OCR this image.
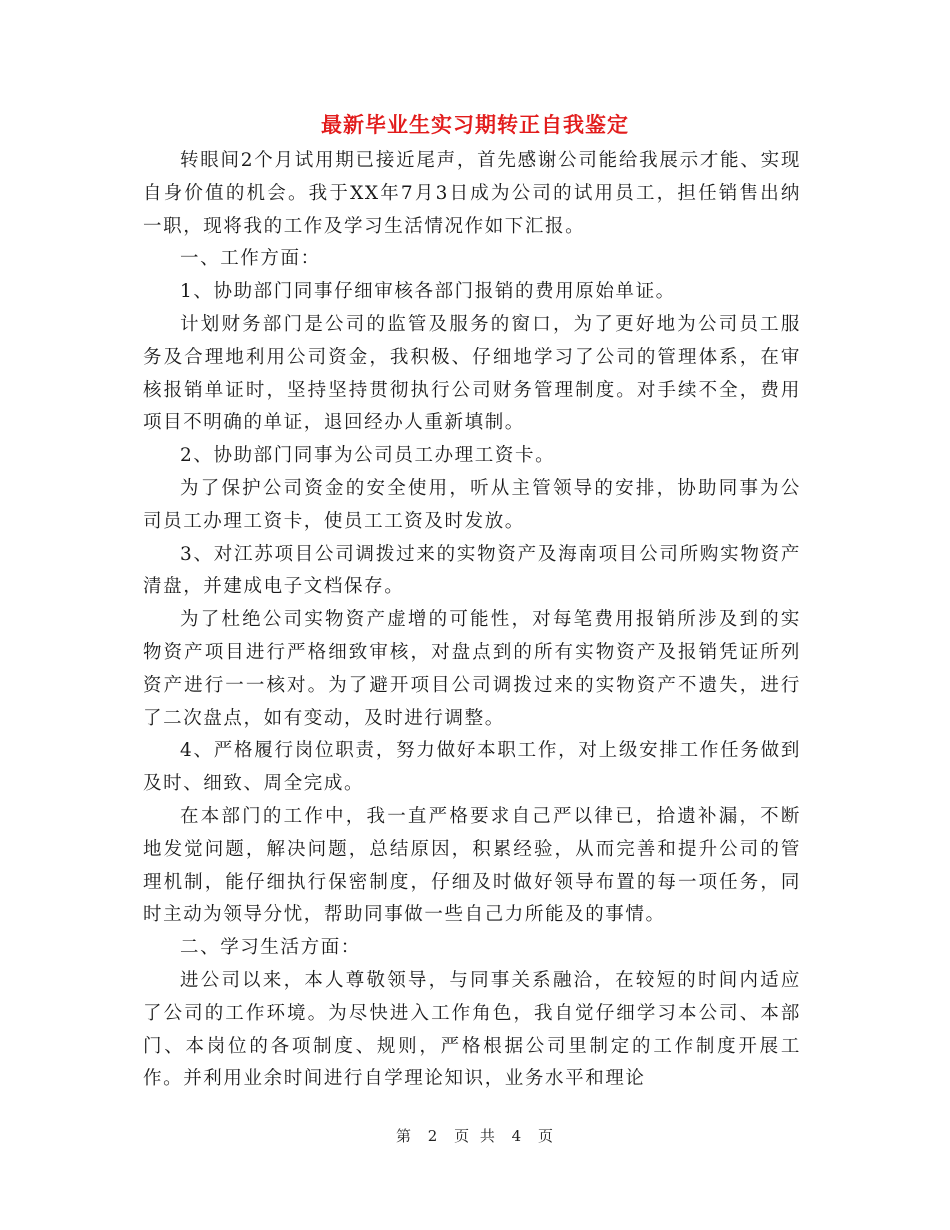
最新毕业生实习期转正自我鉴定

转眼间2个月试用期已接近尾声，首先感谢公司能给我展示才能、实现自身价值的机会。我于XX年7月3日成为公司的试用员工，担任销售出纳一职，现将我的工作及学习生活情况作如下汇报。

一、工作方面：

1、协助部门同事仔细审核各部门报销的费用原始单证。

计划财务部门是公司的监管及服务的窗口，为了更好地为公司员工服务及合理地利用公司资金，我积极、仔细地学习了公司的管理体系，在审核报销单证时，坚持坚持贯彻执行公司财务管理制度。对手续不全，费用项目不明确的单证，退回经办人重新填制。

2、协助部门同事为公司员工办理工资卡。

为了保护公司资金的安全使用，听从主管领导的安排，协助同事为公司员工办理工资卡，使员工工资及时发放。

3、对江苏项目公司调拨过来的实物资产及海南项目公司所购实物资产清盘，并建成电子文档保存。

为了杜绝公司实物资产虚增的可能性，对每笔费用报销所涉及到的实物资产项目进行严格细致审核，对盘点到的所有实物资产及报销凭证所列资产进行一一核对。为了避开项目公司调拨过来的实物资产不遗失，进行了二次盘点，如有变动，及时进行调整。

4、严格履行岗位职责，努力做好本职工作，对上级安排工作任务做到及时、细致、周全完成。

在本部门的工作中，我一直严格要求自己严以律已，拾遗补漏，不断地发觉问题，解决问题，总结原因，积累经验，从而完善和提升公司的管理机制，能仔细执行保密制度，仔细及时做好领导布置的每一项任务，同时主动为领导分忧，帮助同事做一些自己力所能及的事情。

二、学习生活方面：

进公司以来，本人尊敬领导，与同事关系融洽，在较短的时间内适应了公司的工作环境。为尽快进入工作角色，我自觉仔细学习本公司、本部门、本岗位的各项制度、规则，严格根据公司里制定的工作制度开展工作。并利用业余时间进行自学理论知识，业务水平和理论

第 2 页 共 4 页
